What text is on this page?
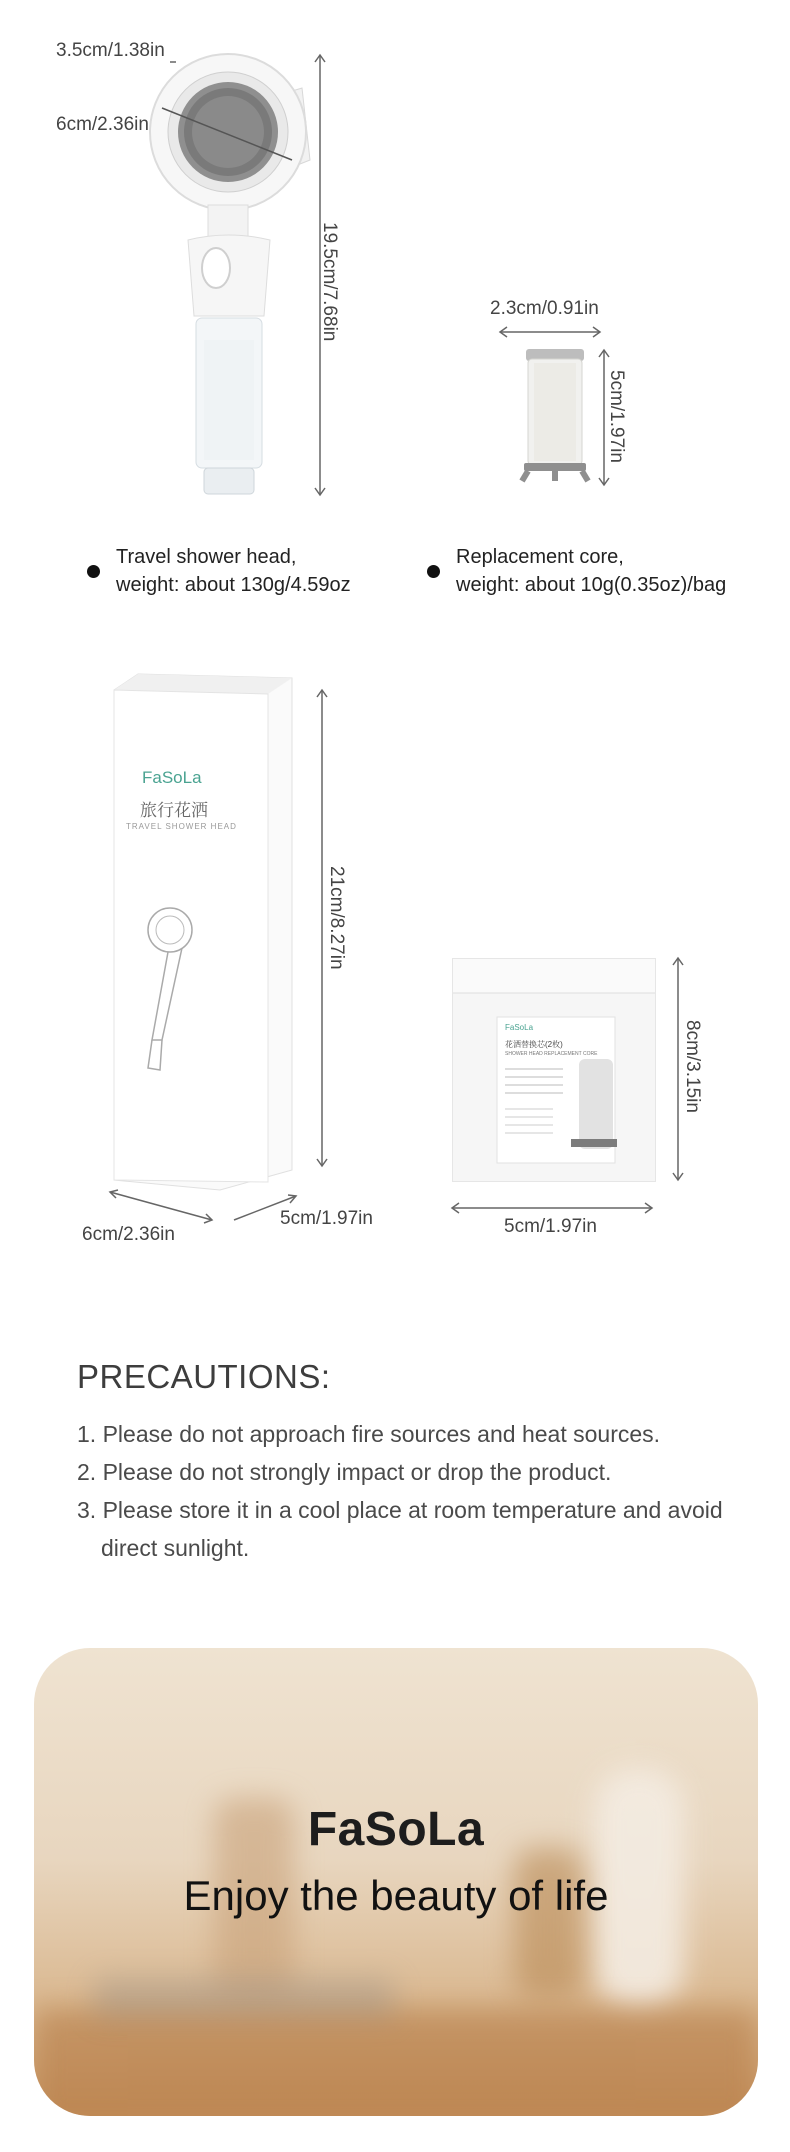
3.5cm/1.38in
6cm/2.36in
19.5cm/7.68in	2.3cm/0.91in
5cm/1.97in
Travel shower head,
weight: about 130g/4.59oz
Replacement core,
weight: about 10g(0.35oz)/bag
FaSoLa
旅行花洒
TRAVEL SHOWER HEAD
21cm/8.27in
6cm/2.36in
5cm/1.97in
FaSoLa
花洒替换芯(2枚)
SHOWER HEAD REPLACEMENT CORE	8cm/3.15in
5cm/1.97in
PRECAUTIONS:
1. Please do not approach fire sources and heat sources.
2. Please do not strongly impact or drop the product.
3. Please store it in a cool place at room temperature and avoid
direct sunlight.
FaSoLa
Enjoy the beauty of life
